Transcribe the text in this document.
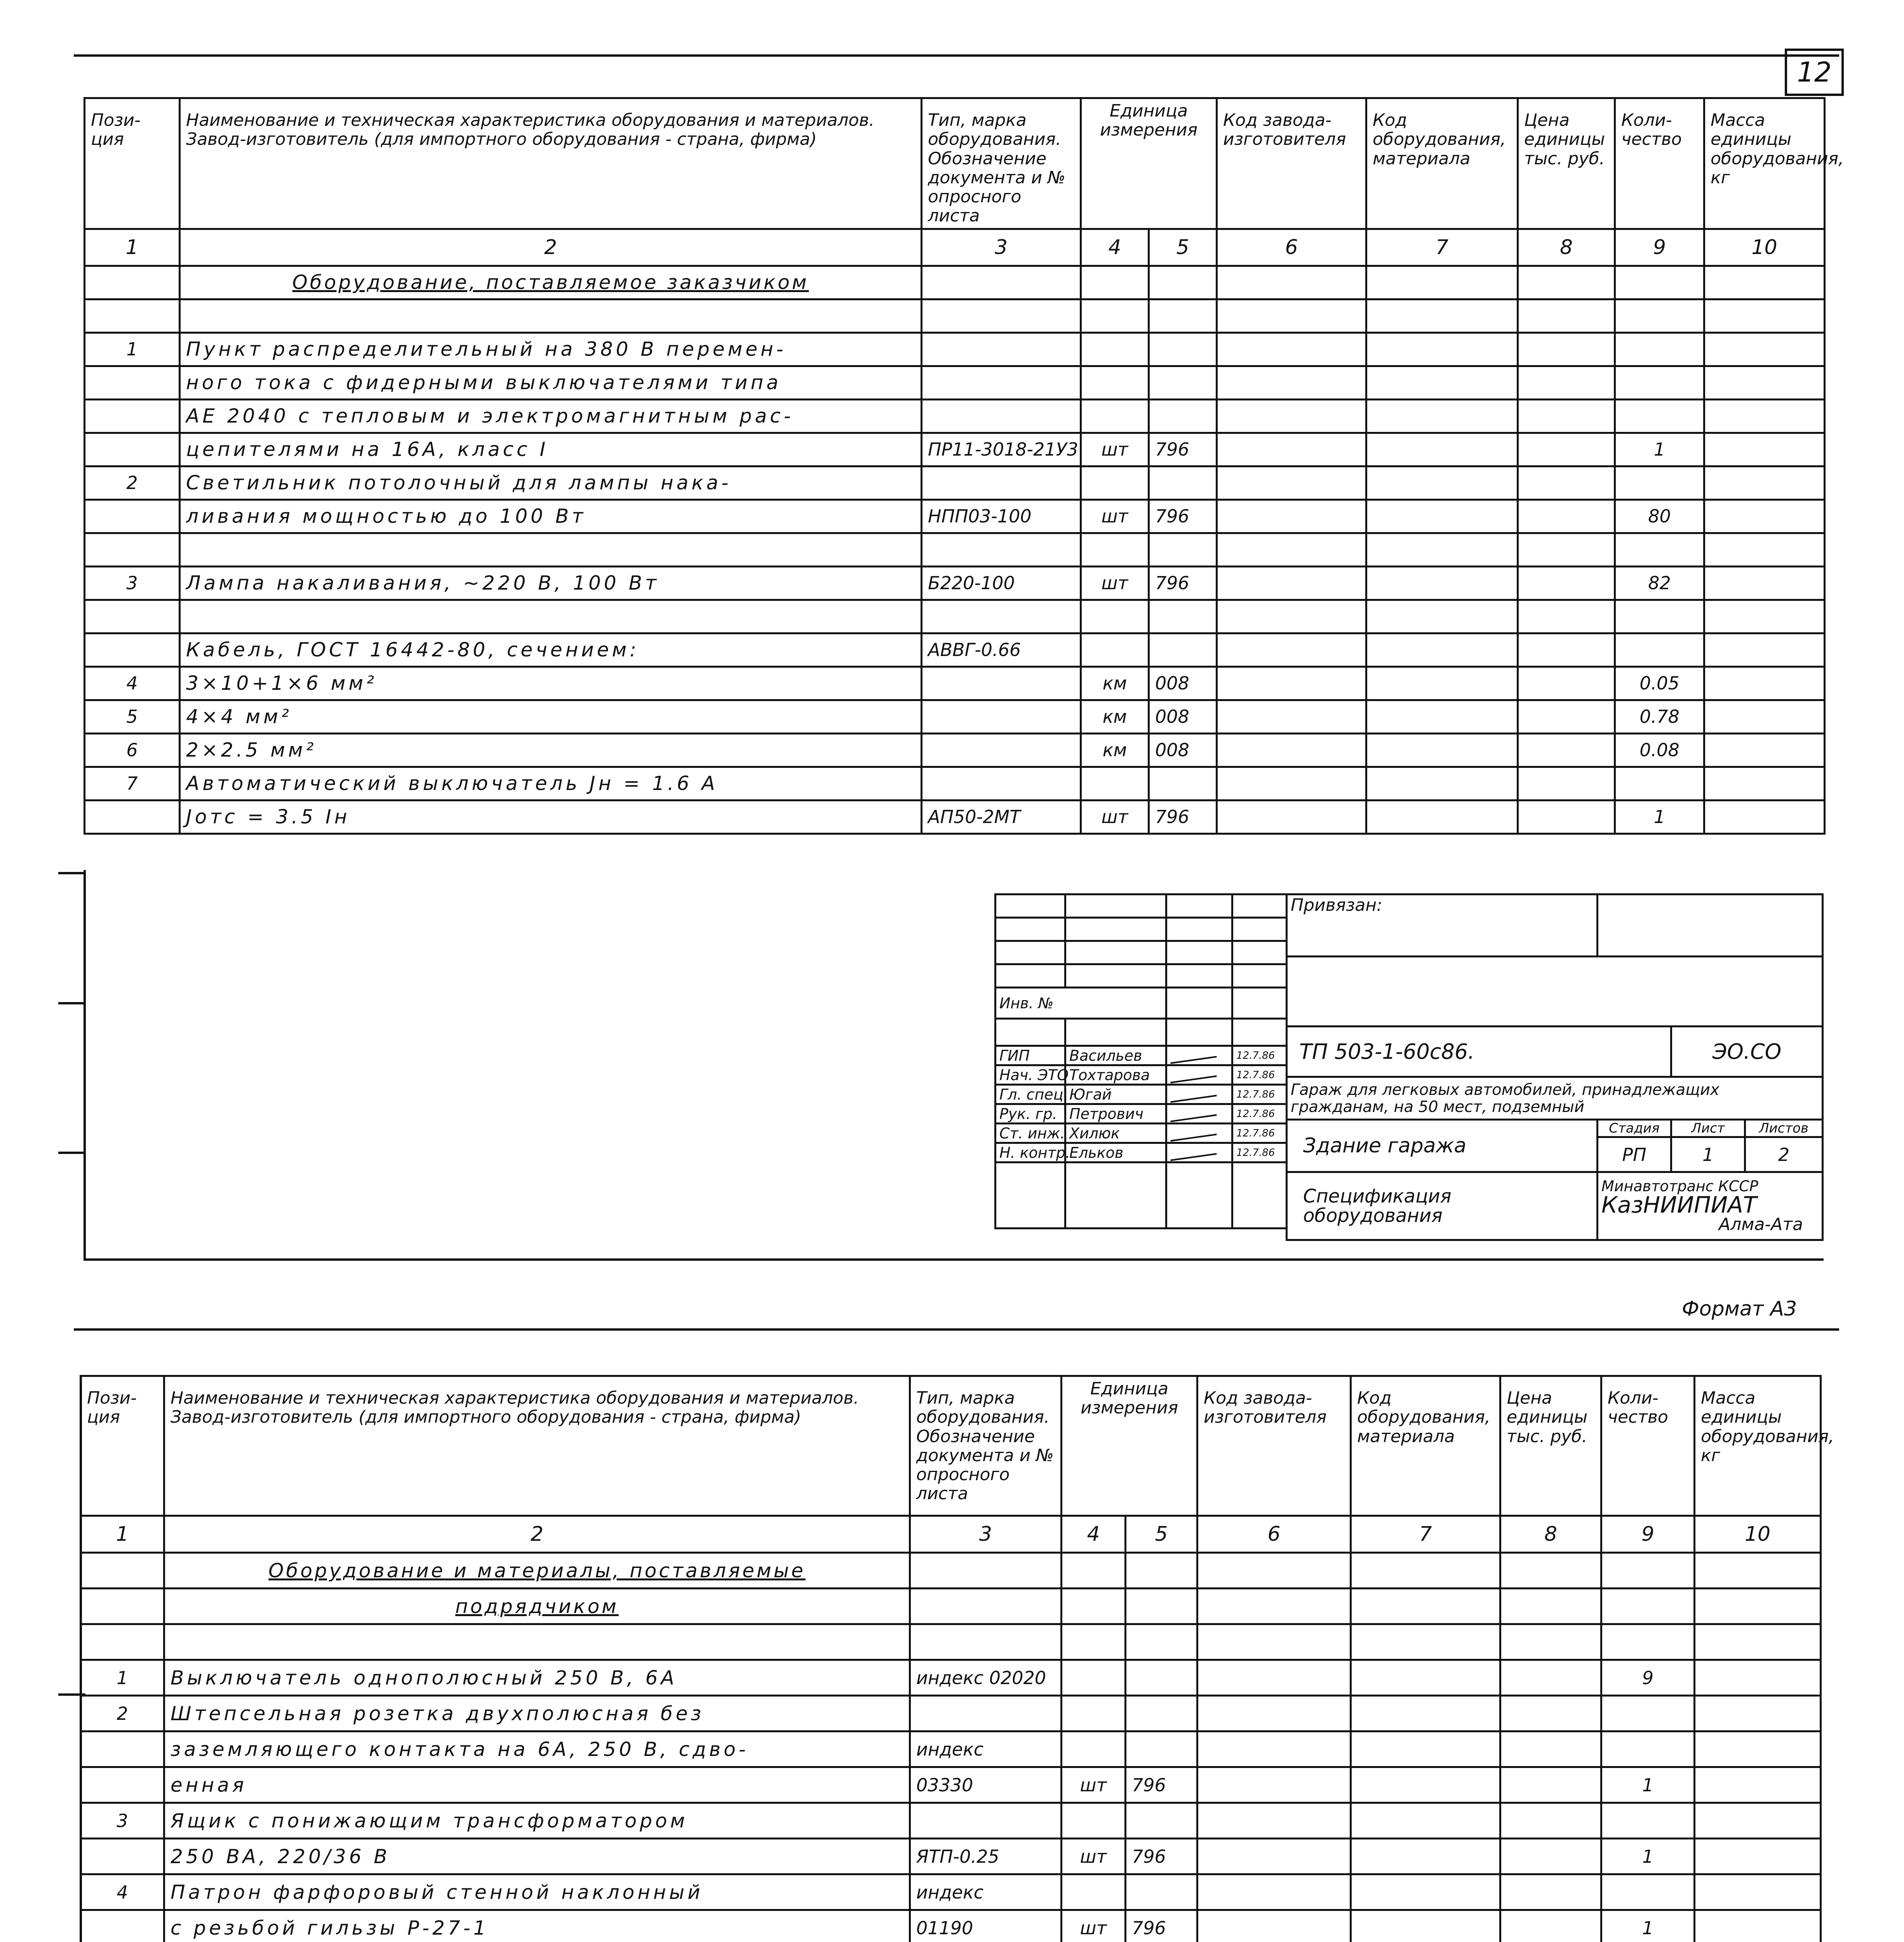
12
Пози-ция	Наименование и техническая характеристика оборудования и материалов. Завод-изготовитель (для импортного оборудования - страна, фирма)	Тип, марка оборудования. Обозначение документа и № опросного листа	Единица измерения		Код завода-изготовителя	Код оборудования, материала	Цена единицы тыс. руб.	Коли-чество	Масса единицы оборудования, кг

1	2	3	4	5	6	7	8	9	10
	Оборудование, поставляемое заказчиком								

1	Пункт распределительный на 380 В перемен-								
	ного тока с фидерными выключателями типа								
	АЕ 2040 с тепловым и электромагнитным рас-								
	цепителями на 16А, класс I	ПР11-3018-21У3	шт	796				1	
2	Светильник потолочный для лампы нака-								
	ливания мощностью до 100 Вт	НПП03-100	шт	796				80	

3	Лампа накаливания, ~220 В, 100 Вт	Б220-100	шт	796				82	

	Кабель, ГОСТ 16442-80, сечением:	АВВГ-0.66							
4	3×10+1×6 мм²		км	008				0.05	
5	4×4 мм²		км	008				0.78	
6	2×2.5 мм²		км	008				0.08	
7	Автоматический выключатель Jн = 1.6 А								
	Jотс = 3.5 Iн	АП50-2МТ	шт	796				1	

Инв. №			

ГИП	Васильев		12.7.86
Нач. ЭТО	Тохтарова		12.7.86
Гл. спец	Югай		12.7.86
Рук. гр.	Петрович		12.7.86
Ст. инж.	Хилюк		12.7.86
Н. контр.	Ельков		12.7.86

Привязан:			

ТП 503-1-60с86.		ЭО.СО	
Гараж для легковых автомобилей, принадлежащих гражданам, на 50 мест, подземный			
Здание гаража	Стадия	Лист	Листов
	РП	1	2

Спецификация оборудования	Минавтотранс КССР
КазНИИПИАТ
Алма-Ата		
Формат А3
Пози-ция	Наименование и техническая характеристика оборудования и материалов. Завод-изготовитель (для импортного оборудования - страна, фирма)	Тип, марка оборудования. Обозначение документа и № опросного листа	Единица измерения		Код завода-изготовителя	Код оборудования, материала	Цена единицы тыс. руб.	Коли-чество	Масса единицы оборудования, кг

1	2	3	4	5	6	7	8	9	10
	Оборудование и материалы, поставляемые								
	подрядчиком								

1	Выключатель однополюсный 250 В, 6А	индекс 02020						9	
2	Штепсельная розетка двухполюсная без								
	заземляющего контакта на 6А, 250 В, сдво-	индекс							
	енная	03330	шт	796				1	
3	Ящик с понижающим трансформатором								
	250 ВА, 220/36 В	ЯТП-0.25	шт	796				1	
4	Патрон фарфоровый стенной наклонный	индекс							
	с резьбой гильзы Р-27-1	01190	шт	796				1	
